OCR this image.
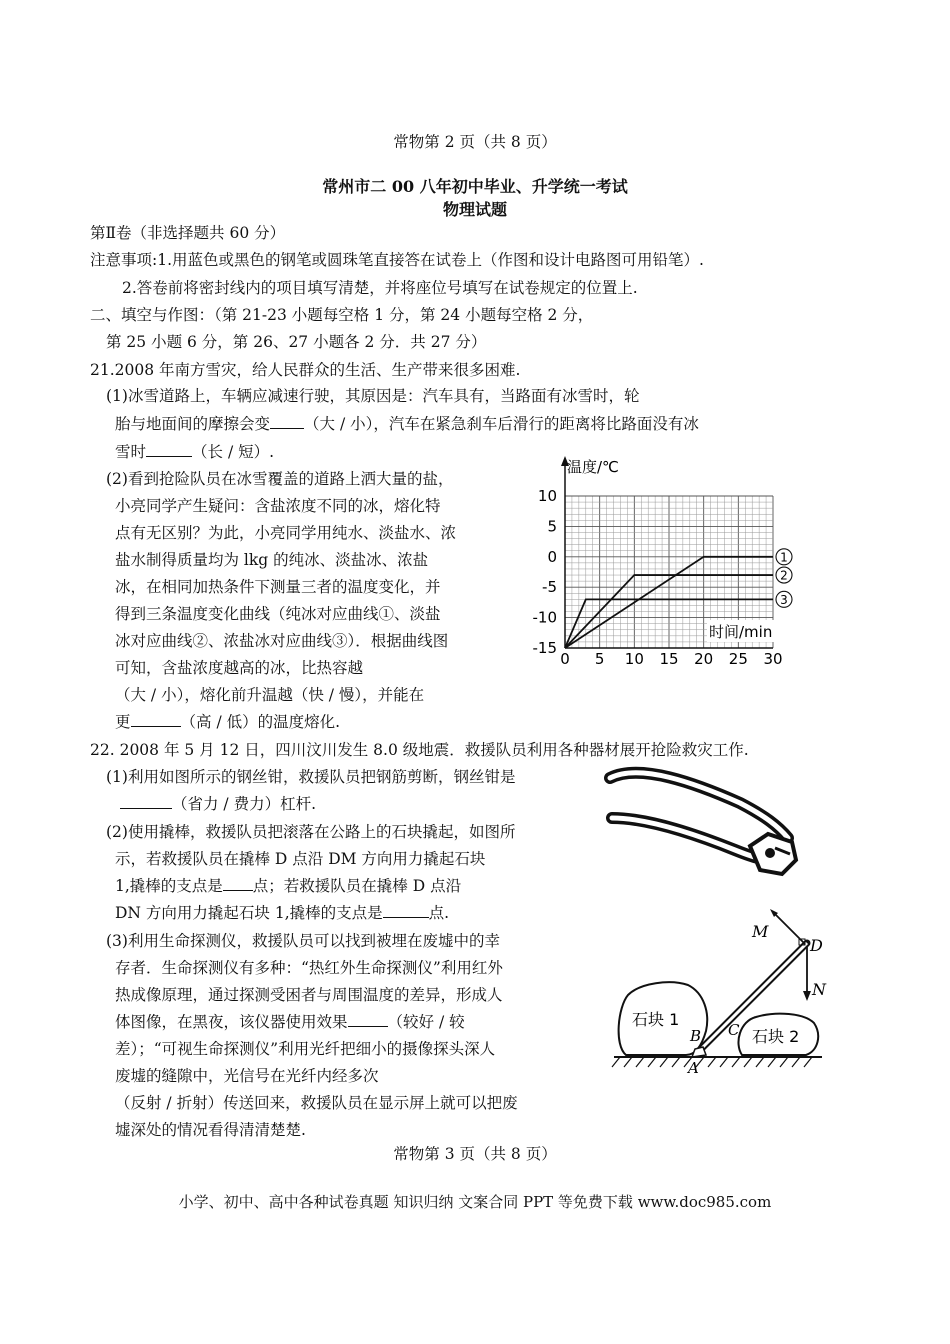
常物第 2 页（共 8 页）
常州市二 00 八年初中毕业、升学统一考试
物理试题
第Ⅱ卷（非选择题共 60 分）
注意事项:1.用蓝色或黑色的钢笔或圆珠笔直接答在试卷上（作图和设计电路图可用铅笔）.
2.答卷前将密封线内的项目填写清楚，并将座位号填写在试卷规定的位置上.
二、填空与作图：（第 21-23 小题每空格 1 分，第 24 小题每空格 2 分，
第 25 小题 6 分，第 26、27 小题各 2 分．共 27 分）
21.2008 年南方雪灾，给人民群众的生活、生产带来很多困难.
(1)冰雪道路上，车辆应减速行驶，其原因是：汽车具有，当路面有冰雪时，轮
胎与地面间的摩擦会变 （大 / 小），汽车在紧急刹车后滑行的距离将比路面没有冰
雪时	（长 / 短）.
(2)看到抢险队员在冰雪覆盖的道路上洒大量的盐，
小亮同学产生疑问：含盐浓度不同的冰，熔化特
点有无区别？为此，小亮同学用纯水、淡盐水、浓
盐水制得质量均为 lkg 的纯冰、淡盐冰、浓盐
冰，在相同加热条件下测量三者的温度变化，并
得到三条温度变化曲线（纯冰对应曲线①、淡盐
冰对应曲线②、浓盐冰对应曲线③）．根据曲线图
可知，含盐浓度越高的冰，比热容越
（大 / 小），熔化前升温越（快 / 慢），并能在
更	（高 / 低）的温度熔化.
1
2
3
0 5 10 15 20 25 30
10
5
0
-5
-10
-15
温度/℃
时间/min
22. 2008 年 5 月 12 日，四川汶川发生 8.0 级地震．救援队员利用各种器材展开抢险救灾工作.
(1)利用如图所示的钢丝钳，救援队员把钢筋剪断，钢丝钳是
（省力 / 费力）杠杆.
(2)使用撬棒，救援队员把滚落在公路上的石块撬起，如图所
示，若救援队员在撬棒 D 点沿 DM 方向用力撬起石块
1,撬棒的支点是 点；若救援队员在撬棒 D 点沿
DN 方向用力撬起石块 1,撬棒的支点是	点.
(3)利用生命探测仪，救援队员可以找到被埋在废墟中的幸
存者．生命探测仪有多种：“热红外生命探测仪”利用红外
热成像原理，通过探测受困者与周围温度的差异，形成人
体图像，在黑夜，该仪器使用效果	（较好 / 较
差）；“可视生命探测仪”利用光纤把细小的摄像探头深人
废墟的缝隙中，光信号在光纤内经多次
（反射 / 折射）传送回来，救援队员在显示屏上就可以把废
墟深处的情况看得清清楚楚.
M
D
N
石块 1
B C 石块 2
A
常物第 3 页（共 8 页）
小学、初中、高中各种试卷真题 知识归纳 文案合同 PPT 等免费下载 www.doc985.com
